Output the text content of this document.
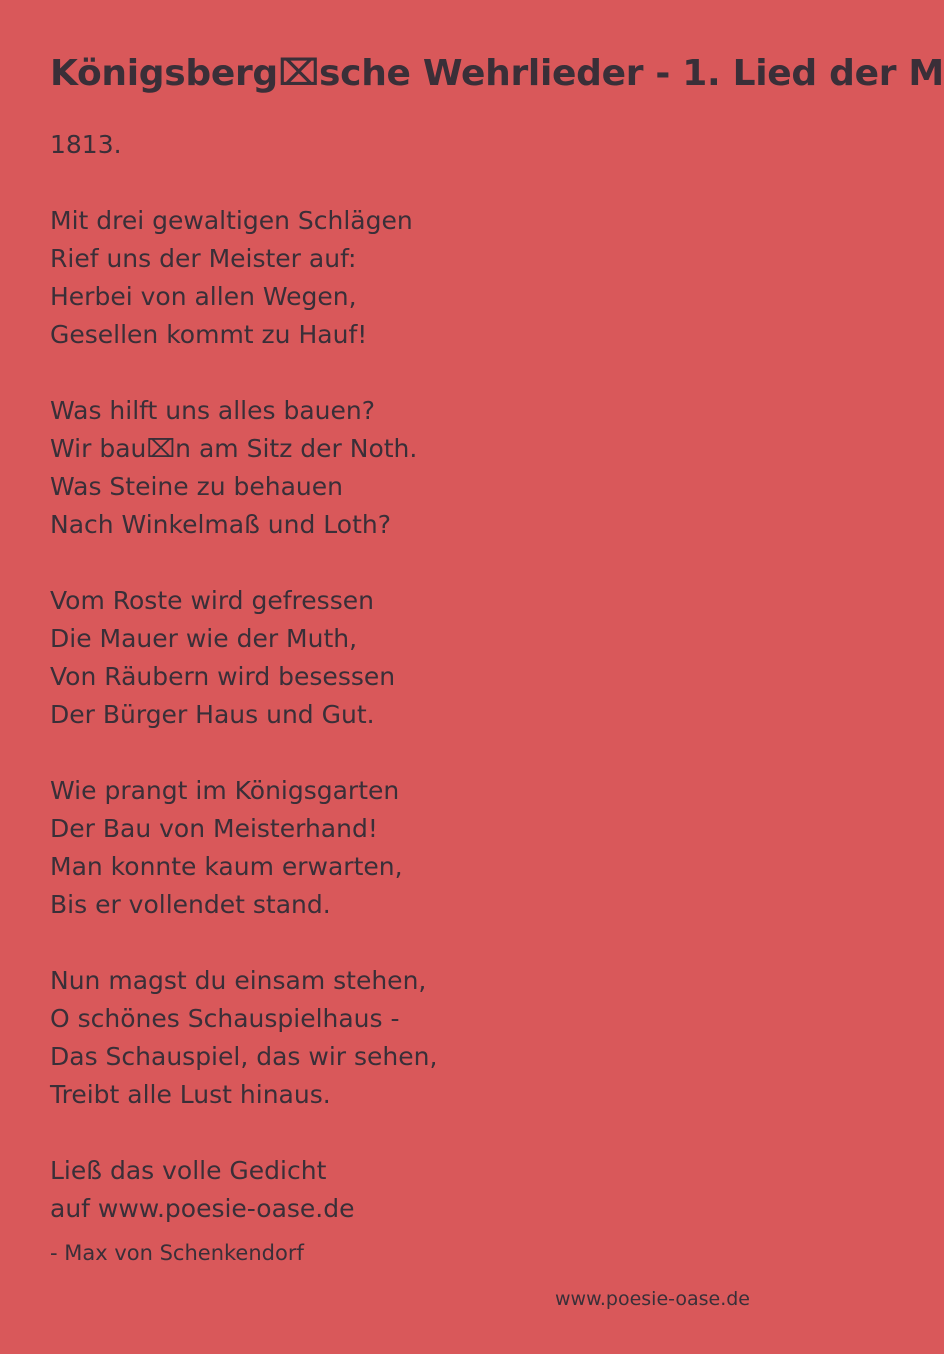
Königsberg⌧sche Wehrlieder - 1. Lied der M
1813.
Mit drei gewaltigen Schlägen
Rief uns der Meister auf:
Herbei von allen Wegen,
Gesellen kommt zu Hauf!
Was hilft uns alles bauen?
Wir bau⌧n am Sitz der Noth.
Was Steine zu behauen
Nach Winkelmaß und Loth?
Vom Roste wird gefressen
Die Mauer wie der Muth,
Von Räubern wird besessen
Der Bürger Haus und Gut.
Wie prangt im Königsgarten
Der Bau von Meisterhand!
Man konnte kaum erwarten,
Bis er vollendet stand.
Nun magst du einsam stehen,
O schönes Schauspielhaus -
Das Schauspiel, das wir sehen,
Treibt alle Lust hinaus.
Ließ das volle Gedicht
auf www.poesie-oase.de
- Max von Schenkendorf
www.poesie-oase.de
